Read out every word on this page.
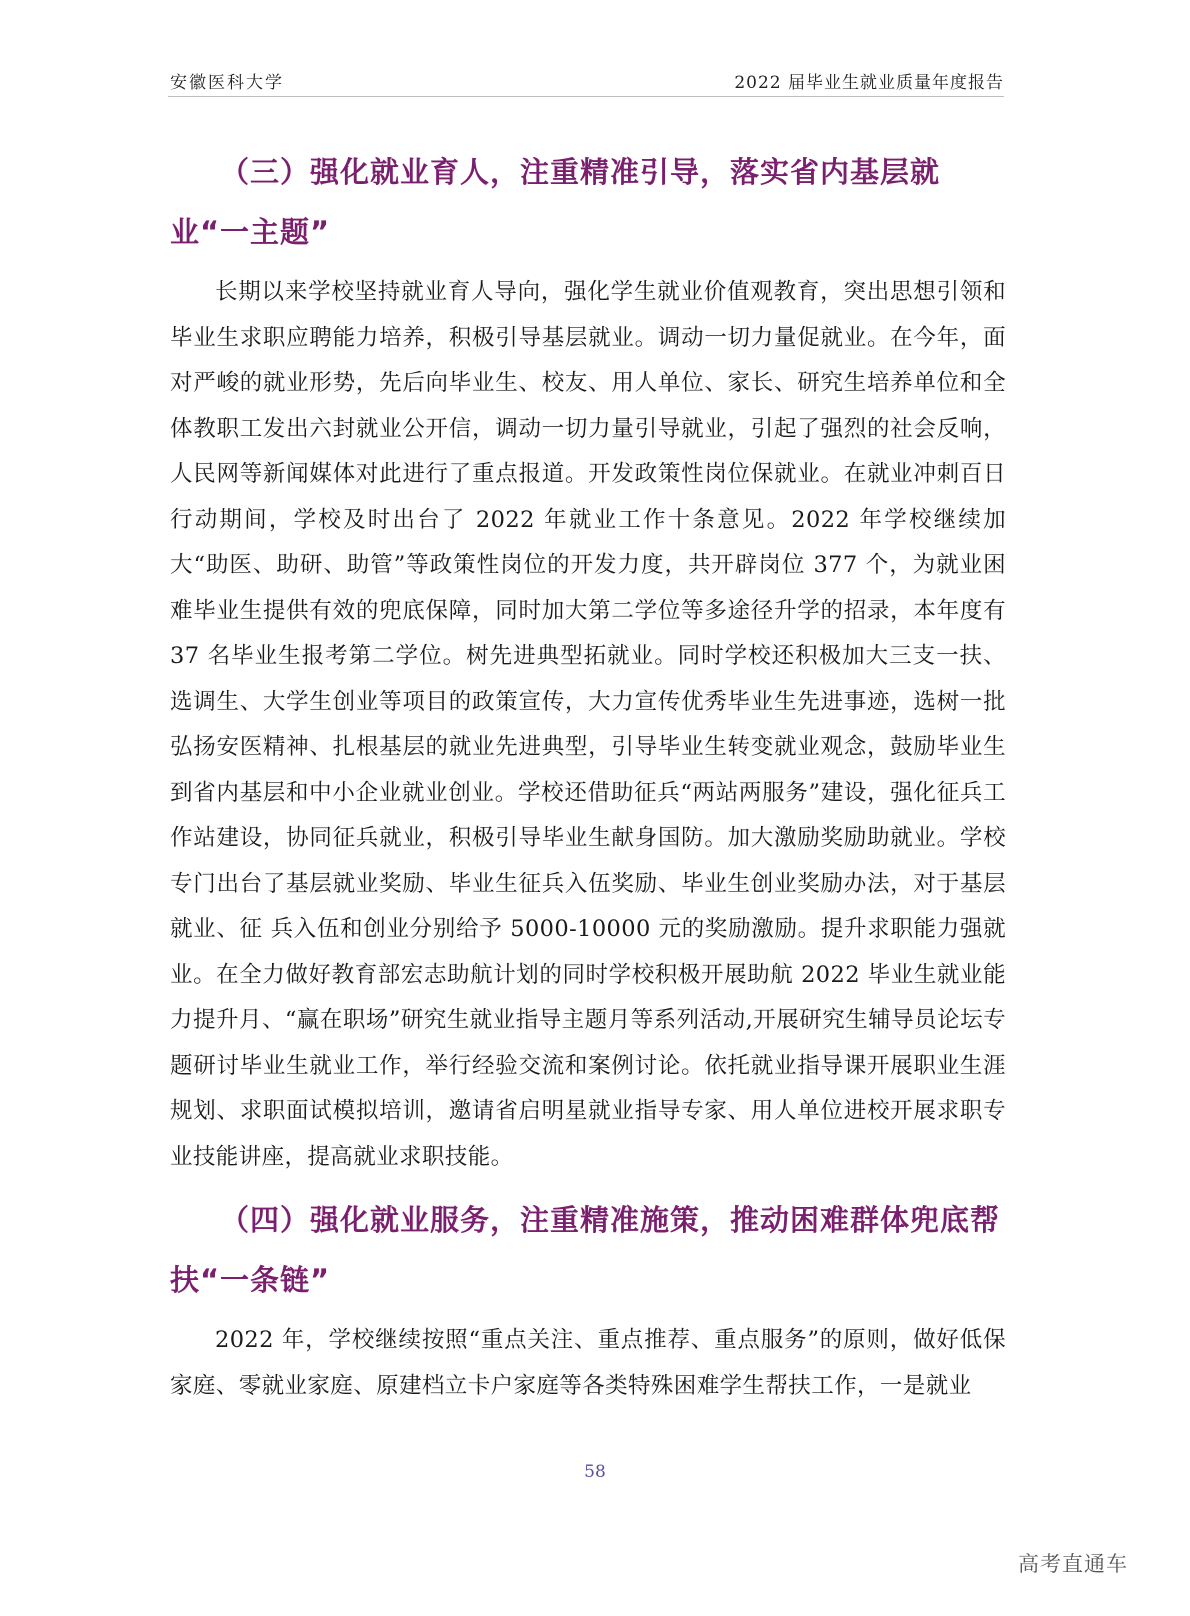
安徽医科大学	2022 届毕业生就业质量年度报告
（三）强化就业育人，注重精准引导，落实省内基层就业“一主题”

长期以来学校坚持就业育人导向，强化学生就业价值观教育，突出思想引领和毕业生求职应聘能力培养，积极引导基层就业。调动一切力量促就业。在今年，面对严峻的就业形势，先后向毕业生、校友、用人单位、家长、研究生培养单位和全体教职工发出六封就业公开信，调动一切力量引导就业，引起了强烈的社会反响，人民网等新闻媒体对此进行了重点报道。开发政策性岗位保就业。在就业冲刺百日行动期间，学校及时出台了 2022 年就业工作十条意见。2022 年学校继续加大“助医、助研、助管”等政策性岗位的开发力度，共开辟岗位 377 个，为就业困难毕业生提供有效的兜底保障，同时加大第二学位等多途径升学的招录，本年度有 37 名毕业生报考第二学位。树先进典型拓就业。同时学校还积极加大三支一扶、选调生、大学生创业等项目的政策宣传，大力宣传优秀毕业生先进事迹，选树一批弘扬安医精神、扎根基层的就业先进典型，引导毕业生转变就业观念，鼓励毕业生到省内基层和中小企业就业创业。学校还借助征兵“两站两服务”建设，强化征兵工作站建设，协同征兵就业，积极引导毕业生献身国防。加大激励奖励助就业。学校专门出台了基层就业奖励、毕业生征兵入伍奖励、毕业生创业奖励办法，对于基层就业、征 兵入伍和创业分别给予 5000-10000 元的奖励激励。提升求职能力强就业。在全力做好教育部宏志助航计划的同时学校积极开展助航 2022 毕业生就业能力提升月、“赢在职场”研究生就业指导主题月等系列活动,开展研究生辅导员论坛专题研讨毕业生就业工作，举行经验交流和案例讨论。依托就业指导课开展职业生涯规划、求职面试模拟培训，邀请省启明星就业指导专家、用人单位进校开展求职专业技能讲座，提高就业求职技能。

（四）强化就业服务，注重精准施策，推动困难群体兜底帮扶“一条链”

2022 年，学校继续按照“重点关注、重点推荐、重点服务”的原则，做好低保家庭、零就业家庭、原建档立卡户家庭等各类特殊困难学生帮扶工作，一是就业

58
高考直通车
